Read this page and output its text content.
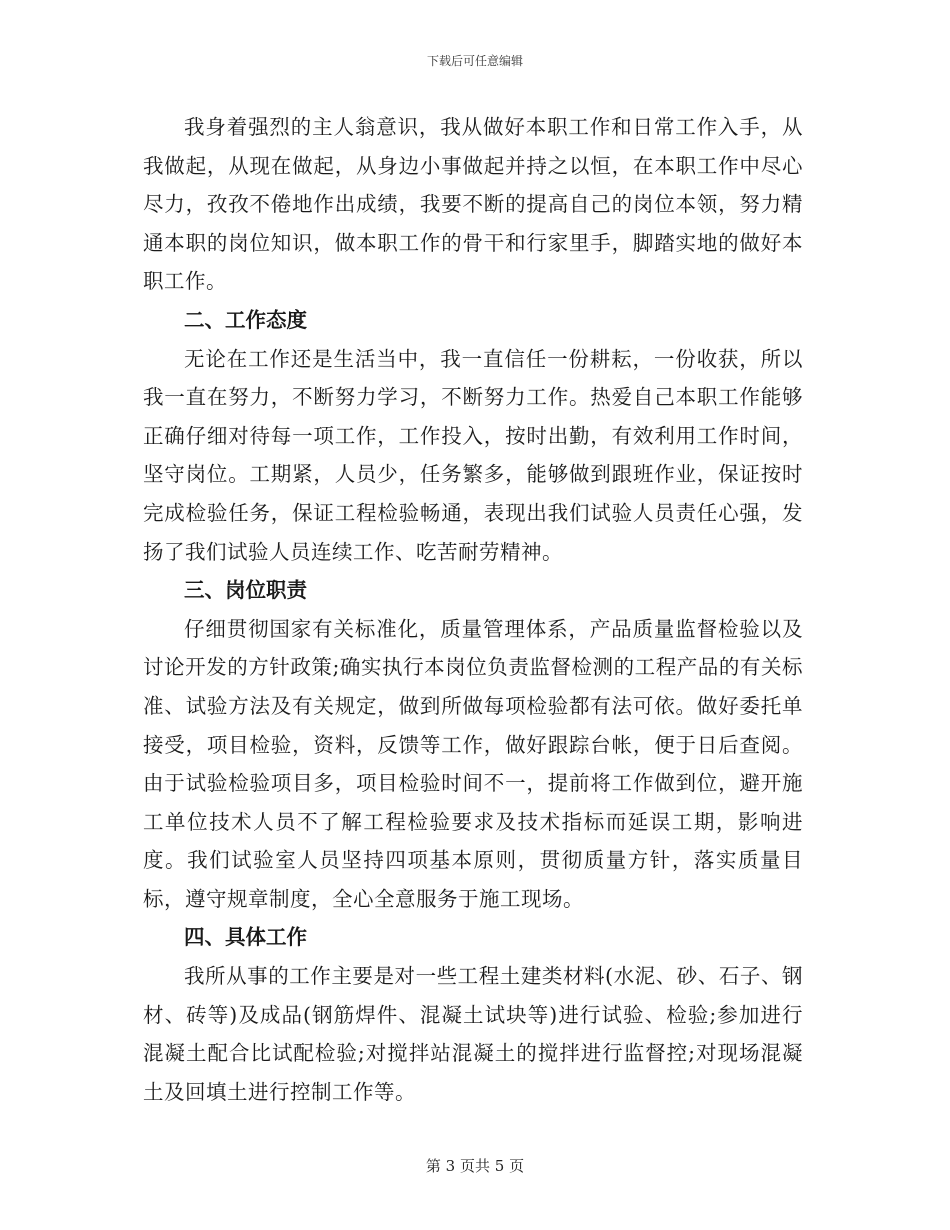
下载后可任意编辑

我身着强烈的主人翁意识，我从做好本职工作和日常工作入手，从我做起，从现在做起，从身边小事做起并持之以恒，在本职工作中尽心尽力，孜孜不倦地作出成绩，我要不断的提高自己的岗位本领，努力精通本职的岗位知识，做本职工作的骨干和行家里手，脚踏实地的做好本职工作。

二、工作态度

无论在工作还是生活当中，我一直信任一份耕耘，一份收获，所以我一直在努力，不断努力学习，不断努力工作。热爱自己本职工作能够正确仔细对待每一项工作，工作投入，按时出勤，有效利用工作时间，坚守岗位。工期紧，人员少，任务繁多，能够做到跟班作业，保证按时完成检验任务，保证工程检验畅通，表现出我们试验人员责任心强，发扬了我们试验人员连续工作、吃苦耐劳精神。

三、岗位职责

仔细贯彻国家有关标准化，质量管理体系，产品质量监督检验以及讨论开发的方针政策;确实执行本岗位负责监督检测的工程产品的有关标准、试验方法及有关规定，做到所做每项检验都有法可依。做好委托单接受，项目检验，资料，反馈等工作，做好跟踪台帐，便于日后查阅。由于试验检验项目多，项目检验时间不一，提前将工作做到位，避开施工单位技术人员不了解工程检验要求及技术指标而延误工期，影响进度。我们试验室人员坚持四项基本原则，贯彻质量方针，落实质量目标，遵守规章制度，全心全意服务于施工现场。

四、具体工作

我所从事的工作主要是对一些工程土建类材料(水泥、砂、石子、钢材、砖等)及成品(钢筋焊件、混凝土试块等)进行试验、检验;参加进行混凝土配合比试配检验;对搅拌站混凝土的搅拌进行监督控;对现场混凝土及回填土进行控制工作等。

第 3 页共 5 页
